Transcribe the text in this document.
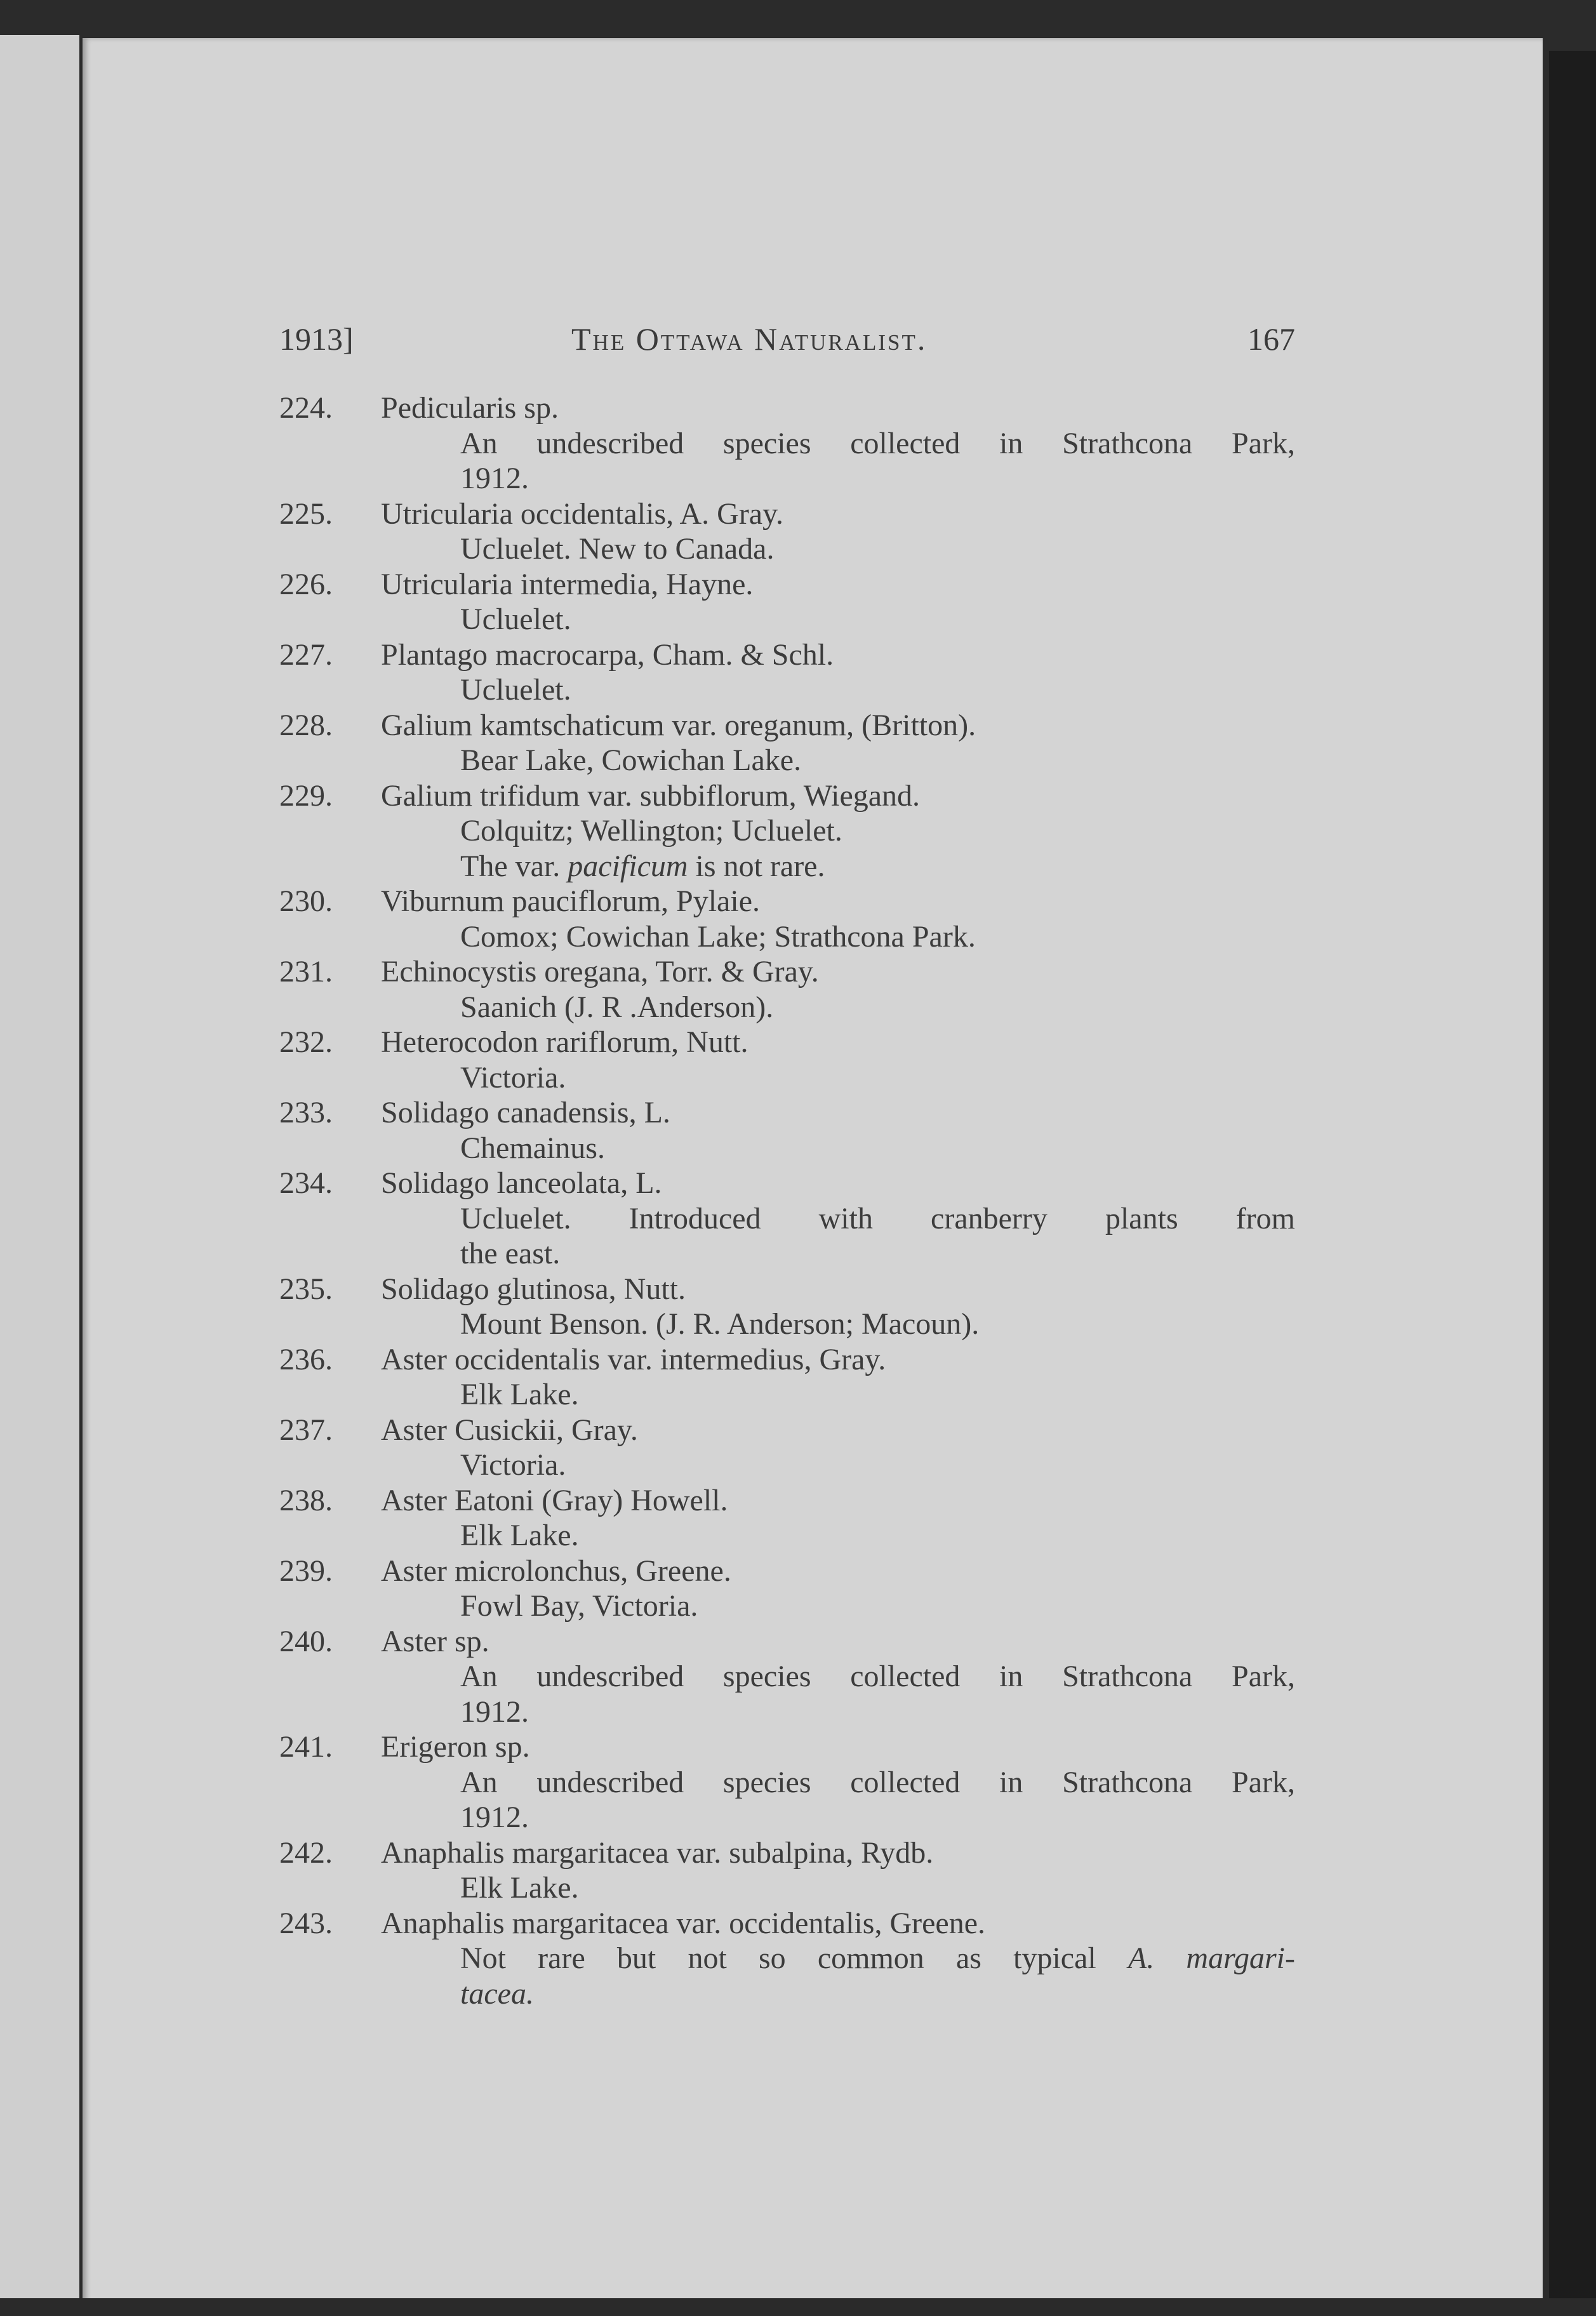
1913]	The Ottawa Naturalist.	167
224. Pedicularis sp.
An undescribed species collected in Strathcona Park,
1912.
225. Utricularia occidentalis, A. Gray.
Ucluelet. New to Canada.
226. Utricularia intermedia, Hayne.
Ucluelet.
227. Plantago macrocarpa, Cham. & Schl.
Ucluelet.
228. Galium kamtschaticum var. oreganum, (Britton).
Bear Lake, Cowichan Lake.
229. Galium trifidum var. subbiflorum, Wiegand.
Colquitz; Wellington; Ucluelet.
The var. pacificum is not rare.
230. Viburnum pauciflorum, Pylaie.
Comox; Cowichan Lake; Strathcona Park.
231. Echinocystis oregana, Torr. & Gray.
Saanich (J. R .Anderson).
232. Heterocodon rariflorum, Nutt.
Victoria.
233. Solidago canadensis, L.
Chemainus.
234. Solidago lanceolata, L.
Ucluelet. Introduced with cranberry plants from
the east.
235. Solidago glutinosa, Nutt.
Mount Benson. (J. R. Anderson; Macoun).
236. Aster occidentalis var. intermedius, Gray.
Elk Lake.
237. Aster Cusickii, Gray.
Victoria.
238. Aster Eatoni (Gray) Howell.
Elk Lake.
239. Aster microlonchus, Greene.
Fowl Bay, Victoria.
240. Aster sp.
An undescribed species collected in Strathcona Park,
1912.
241. Erigeron sp.
An undescribed species collected in Strathcona Park,
1912.
242. Anaphalis margaritacea var. subalpina, Rydb.
Elk Lake.
243. Anaphalis margaritacea var. occidentalis, Greene.
Not rare but not so common as typical A. margari-
tacea.
